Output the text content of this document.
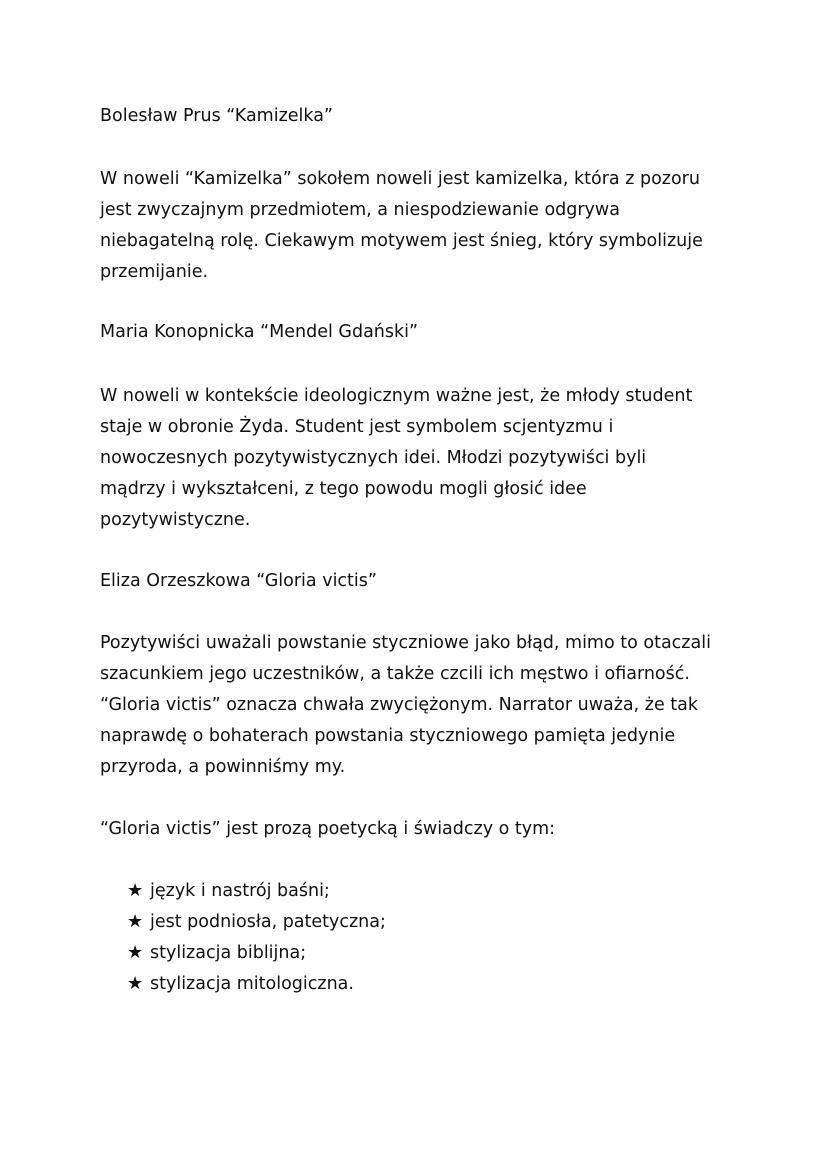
Bolesław Prus “Kamizelka”

W noweli “Kamizelka” sokołem noweli jest kamizelka, która z pozoru
jest zwyczajnym przedmiotem, a niespodziewanie odgrywa
niebagatelną rolę. Ciekawym motywem jest śnieg, który symbolizuje
przemijanie.

Maria Konopnicka “Mendel Gdański”

W noweli w kontekście ideologicznym ważne jest, że młody student
staje w obronie Żyda. Student jest symbolem scjentyzmu i
nowoczesnych pozytywistycznych idei. Młodzi pozytywiści byli
mądrzy i wykształceni, z tego powodu mogli głosić idee
pozytywistyczne.

Eliza Orzeszkowa “Gloria victis”

Pozytywiści uważali powstanie styczniowe jako błąd, mimo to otaczali
szacunkiem jego uczestników, a także czcili ich męstwo i ofiarność.
“Gloria victis” oznacza chwała zwyciężonym. Narrator uważa, że tak
naprawdę o bohaterach powstania styczniowego pamięta jedynie
przyroda, a powinniśmy my.

“Gloria victis” jest prozą poetycką i świadczy o tym:

★ język i nastrój baśni;
★ jest podniosła, patetyczna;
★ stylizacja biblijna;
★ stylizacja mitologiczna.
